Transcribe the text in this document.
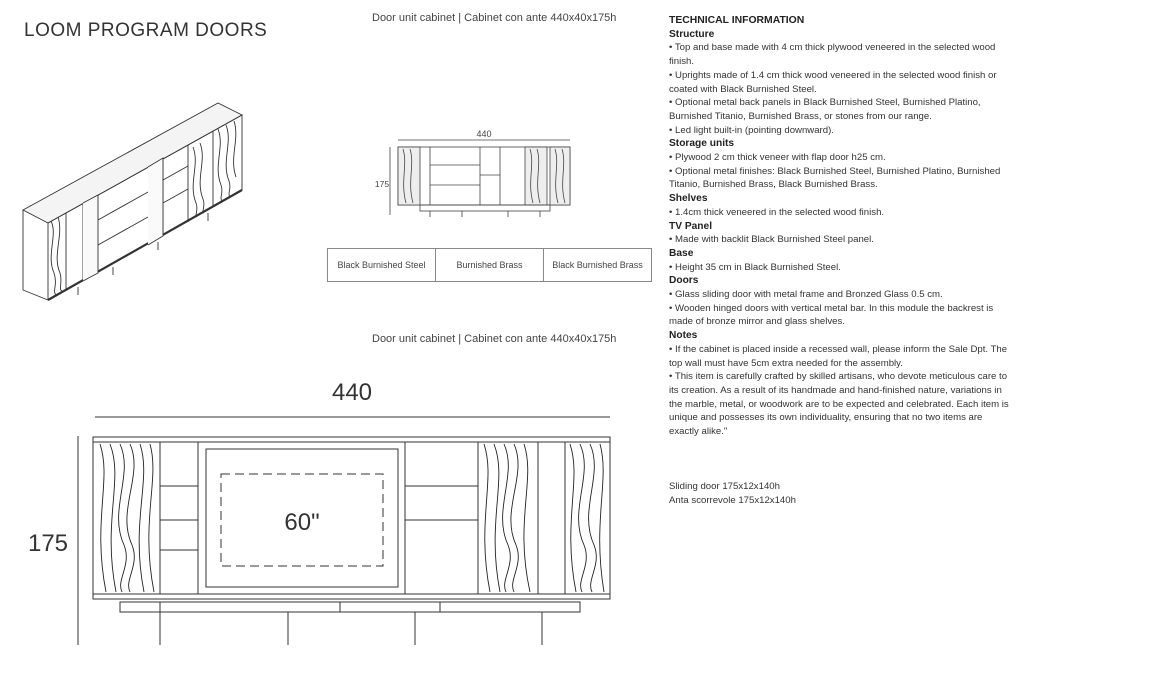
LOOM PROGRAM DOORS
Door unit cabinet | Cabinet con ante 440x40x175h
Door unit cabinet | Cabinet con ante 440x40x175h
440
175
Black Burnished Steel	Burnished Brass	Black Burnished Brass
440
175
60"
TECHNICAL INFORMATION
Structure

• Top and base made with 4 cm thick plywood veneered in the selected wood finish.

• Uprights made of 1.4 cm thick wood veneered in the selected wood finish or coated with Black Burnished Steel.

• Optional metal back panels in Black Burnished Steel, Burnished Platino, Burnished Titanio, Burnished Brass, or stones from our range.

• Led light built-in (pointing downward).

Storage units

• Plywood 2 cm thick veneer with flap door h25 cm.

• Optional metal finishes: Black Burnished Steel, Burnished Platino, Burnished Titanio, Burnished Brass, Black Burnished Brass.

Shelves

• 1.4cm thick veneered in the selected wood finish.

TV Panel

• Made with backlit Black Burnished Steel panel.

Base

• Height 35 cm in Black Burnished Steel.

Doors

• Glass sliding door with metal frame and Bronzed Glass 0.5 cm.

• Wooden hinged doors with vertical metal bar. In this module the backrest is made of bronze mirror and glass shelves.

Notes

• If the cabinet is placed inside a recessed wall, please inform the Sale Dpt. The top wall must have 5cm extra needed for the assembly.

• This item is carefully crafted by skilled artisans, who devote meticulous care to its creation. As a result of its handmade and hand-finished nature, variations in the marble, metal, or woodwork are to be expected and celebrated. Each item is unique and possesses its own individuality, ensuring that no two items are exactly alike."

Sliding door 175x12x140h
Anta scorrevole 175x12x140h
